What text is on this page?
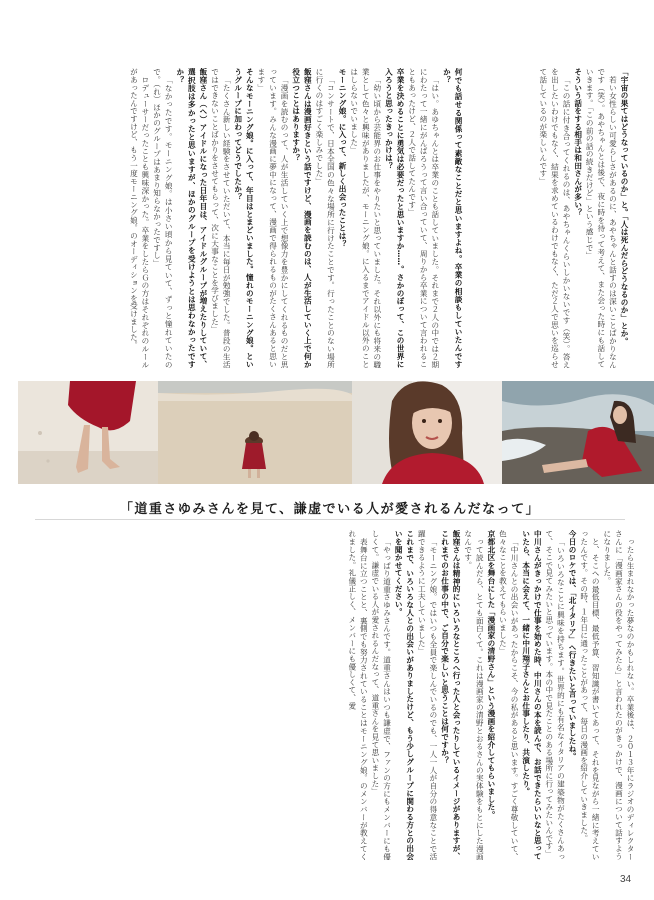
「宇宙の果てはどうなっているのか」と。「人は死んだらどうなるのか」とか。

若い女性らしい可愛らしさがあるのに、あやちゃんと話すのは深いことばかりなんです（笑）。あやちゃんとは後で、夜に時を待って考えて、また会った時にも話していきます。「この前の話の続きだけど」という感じで」

そういう話をする相手は和田さんが多い？

「この話に付き合ってくれるのは、あやちゃんくらいしかいないです（笑）。答えを出したいわけでもなく、結果を求めているわけでもなく、ただ２人で思いを巡らせて話しているのが楽しいんです」

何でも話せる関係って素敵なことだと思いますよね。卒業の相談もしていたんですか？

「はい。あゆちゃんとは卒業のことも話していました。それまで２人の中では２期にわたって一緒にがんばろうって言い合っていて、周りから卒業について言われることもあったけど、２人で話してたんです」

卒業を決めることに勇気は必要だったと思いますか……。さかのぼって、この世界に入ろうと思ったきっかけは？

「幼い頃から芸能界のお仕事をやりたいと思っていました。それ以外にも将来の職業として色々と興味がありましたが、モーニング娘。に入るまでアイドル以外のことはしらないでいました」

モーニング娘。に入って、新しく出会ったことは？

「コンサートで、日本全国の色々な場所に行けたことです。行ったことのない場所に行くのはすごく楽しみでした」

飯窪さんは漫画好きという話ですけど、漫画を読むのは、人が生活していく上で何か役立つことはありますか？

「漫画を読むのって、人が生活していく上で想像力を豊かにしてくれるものだと思っています。みんな漫画に夢中になって、漫画で得られるものがたくさんあると思います」

そんなモーニング娘。に入って、年目はとまどいました。憧れのモーニング娘。というグループに加わってどうでしたか？

「たくさん新しい経験をさせていただいて、本当に毎日が勉強でした。普段の生活ではできないことばかりをさせてもらって、次に大事なことを学びました」

飯窪さん（へ）アイドルになった日年目は、アイドルグループが増えたりしていて、選択肢は多かったと思いますが、ほかのグループを受けようとは思わなかったですか？

「なかったです。モーニング娘。は小さい頃から見ていて、ずっと憧れていたので。（れ）ほかのグループはあまり知らなかったですし」

ロデューサーだったことも興味深かった。卒業をしたらＧの方はそれぞれのルールがあったんですけど、もう一度モーニング娘。のオーディションを受けました。

「道重さゆみさんを見て、謙虚でいる人が愛されるんだなって」

ったら生まれなかった夢なのかもしれない。卒業後は、２０１３年にラジオのディレクターさんに「漫画家さんの役をやってみたら」と言われたのがきっかけで、漫画について話すようになりました。

と、そこへの最低目標、最低予算、習知識が書いてあって、それを見ながら一緒に考えていったんです。その時、１年日に通ったことがあって、毎日の漫画を紹介していきました。

今日のロケでは、「北イタリア」へ行きたいと言っていましたね。

「いろいろなことに興味を持ちます。世界的にも有名なイタリアの建築物がたくさんあって、そこで見てみたいと思っています。本の中で見たことのある場所に行ってみたいんです」

中川さんがきっかけで仕事を始めた時、中川さんの本を読んで、お話できたらいいなと思っていたら、本当に会えて、一緒に中川翔子さんとお仕事したり、共演したり。

「中川さんとの出会いがあったからこそ、今の私があると思います。すごく尊敬していて、色々なことを教えてもらいました」

京都北区を舞台にした「漫画家の清野さん」という漫画を紹介してもらいました。

って読んだら、とても面白くて。これは漫画家の清野とおるさんの実体験をもとにした漫画なんです。

飯窪さんは精神的にいろいろなところへ行った人と会ったりしているイメージがありますが、これまでのお仕事の中で、ご自分で楽しいと思うことは何ですか？

「モーニング娘。ではいつも全員で楽しんでいるのでも、一人一人が自分の得意なことで活躍できるように工夫していました」

これまで、いろいろな人との出会いがありましたけど、もう少しグループに関わる方との出会いを聞かせてください。

「やっぱり道重さゆみさんです。道重さんはいつも謙虚で、ファンの方にもメンバーにも優しくて。謙虚でいる人が愛されるんだなって、道重さんを見て思いました」

表舞台に立つことと、裏側でも努力されていることはモーニング娘。のメンバーが教えてくれました。礼儀正しく、メンバーにも優しくて、愛

34
